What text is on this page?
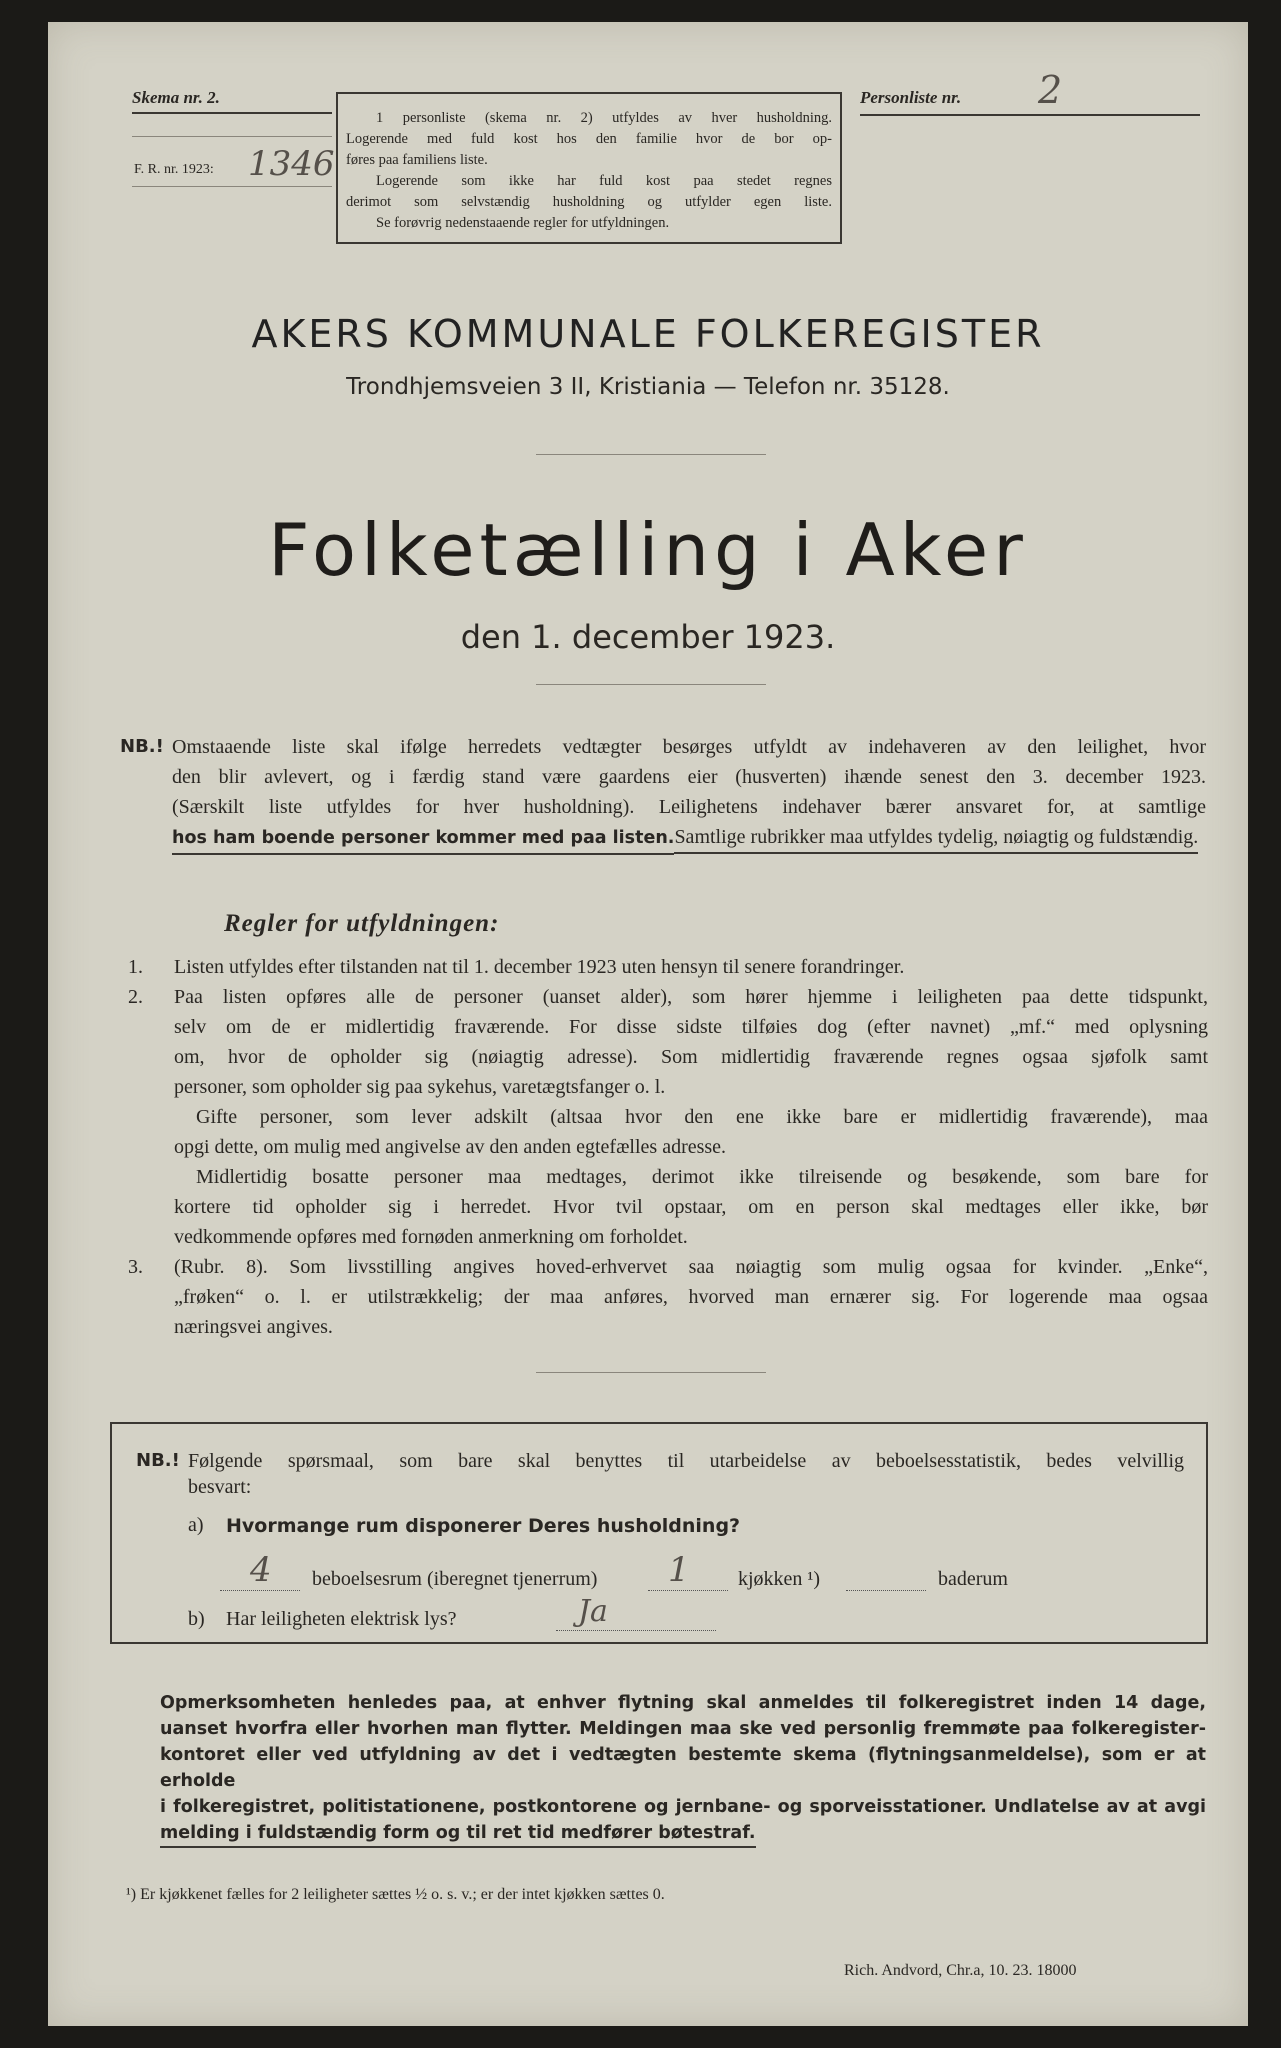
Skema nr. 2.
F. R. nr. 1923: 1346
1 personliste (skema nr. 2) utfyldes av hver husholdning.
Logerende med fuld kost hos den familie hvor de bor op-
føres paa familiens liste.
Logerende som ikke har fuld kost paa stedet regnes
derimot som selvstændig husholdning og utfylder egen liste.
Se forøvrig nedenstaaende regler for utfyldningen.
Personliste nr. 2
AKERS KOMMUNALE FOLKEREGISTER
Trondhjemsveien 3 II, Kristiania — Telefon nr. 35128.
Folketælling i Aker
den 1. december 1923.
NB.! Omstaaende liste skal ifølge herredets vedtægter besørges utfyldt av indehaveren av den leilighet, hvor
den blir avlevert, og i færdig stand være gaardens eier (husverten) ihænde senest den 3. december 1923.
(Særskilt liste utfyldes for hver husholdning). Leilighetens indehaver bærer ansvaret for, at samtlige
hos ham boende personer kommer med paa listen.Samtlige rubrikker maa utfyldes tydelig, nøiagtig og fuldstændig.
Regler for utfyldningen:
1. Listen utfyldes efter tilstanden nat til 1. december 1923 uten hensyn til senere forandringer.
2. Paa listen opføres alle de personer (uanset alder), som hører hjemme i leiligheten paa dette tidspunkt,
selv om de er midlertidig fraværende. For disse sidste tilføies dog (efter navnet) „mf.“ med oplysning
om, hvor de opholder sig (nøiagtig adresse). Som midlertidig fraværende regnes ogsaa sjøfolk samt
personer, som opholder sig paa sykehus, varetægtsfanger o. l.
Gifte personer, som lever adskilt (altsaa hvor den ene ikke bare er midlertidig fraværende), maa
opgi dette, om mulig med angivelse av den anden egtefælles adresse.
Midlertidig bosatte personer maa medtages, derimot ikke tilreisende og besøkende, som bare for
kortere tid opholder sig i herredet. Hvor tvil opstaar, om en person skal medtages eller ikke, bør
vedkommende opføres med fornøden anmerkning om forholdet.
3. (Rubr. 8). Som livsstilling angives hoved-erhvervet saa nøiagtig som mulig ogsaa for kvinder. „Enke“,
„frøken“ o. l. er utilstrækkelig; der maa anføres, hvorved man ernærer sig. For logerende maa ogsaa
næringsvei angives.
NB.! Følgende spørsmaal, som bare skal benyttes til utarbeidelse av beboelsesstatistik, bedes velvillig
besvart:
a) Hvormange rum disponerer Deres husholdning?
4 beboelsesrum (iberegnet tjenerrum) 1 kjøkken ¹)	baderum
b) Har leiligheten elektrisk lys?	Ja
Opmerksomheten henledes paa, at enhver flytning skal anmeldes til folkeregistret inden 14 dage,
uanset hvorfra eller hvorhen man flytter. Meldingen maa ske ved personlig fremmøte paa folkeregister-
kontoret eller ved utfyldning av det i vedtægten bestemte skema (flytningsanmeldelse), som er at erholde
i folkeregistret, politistationene, postkontorene og jernbane- og sporveisstationer. Undlatelse av at avgi
melding i fuldstændig form og til ret tid medfører bøtestraf.
¹) Er kjøkkenet fælles for 2 leiligheter sættes ½ o. s. v.; er der intet kjøkken sættes 0.
Rich. Andvord, Chr.a, 10. 23. 18000
